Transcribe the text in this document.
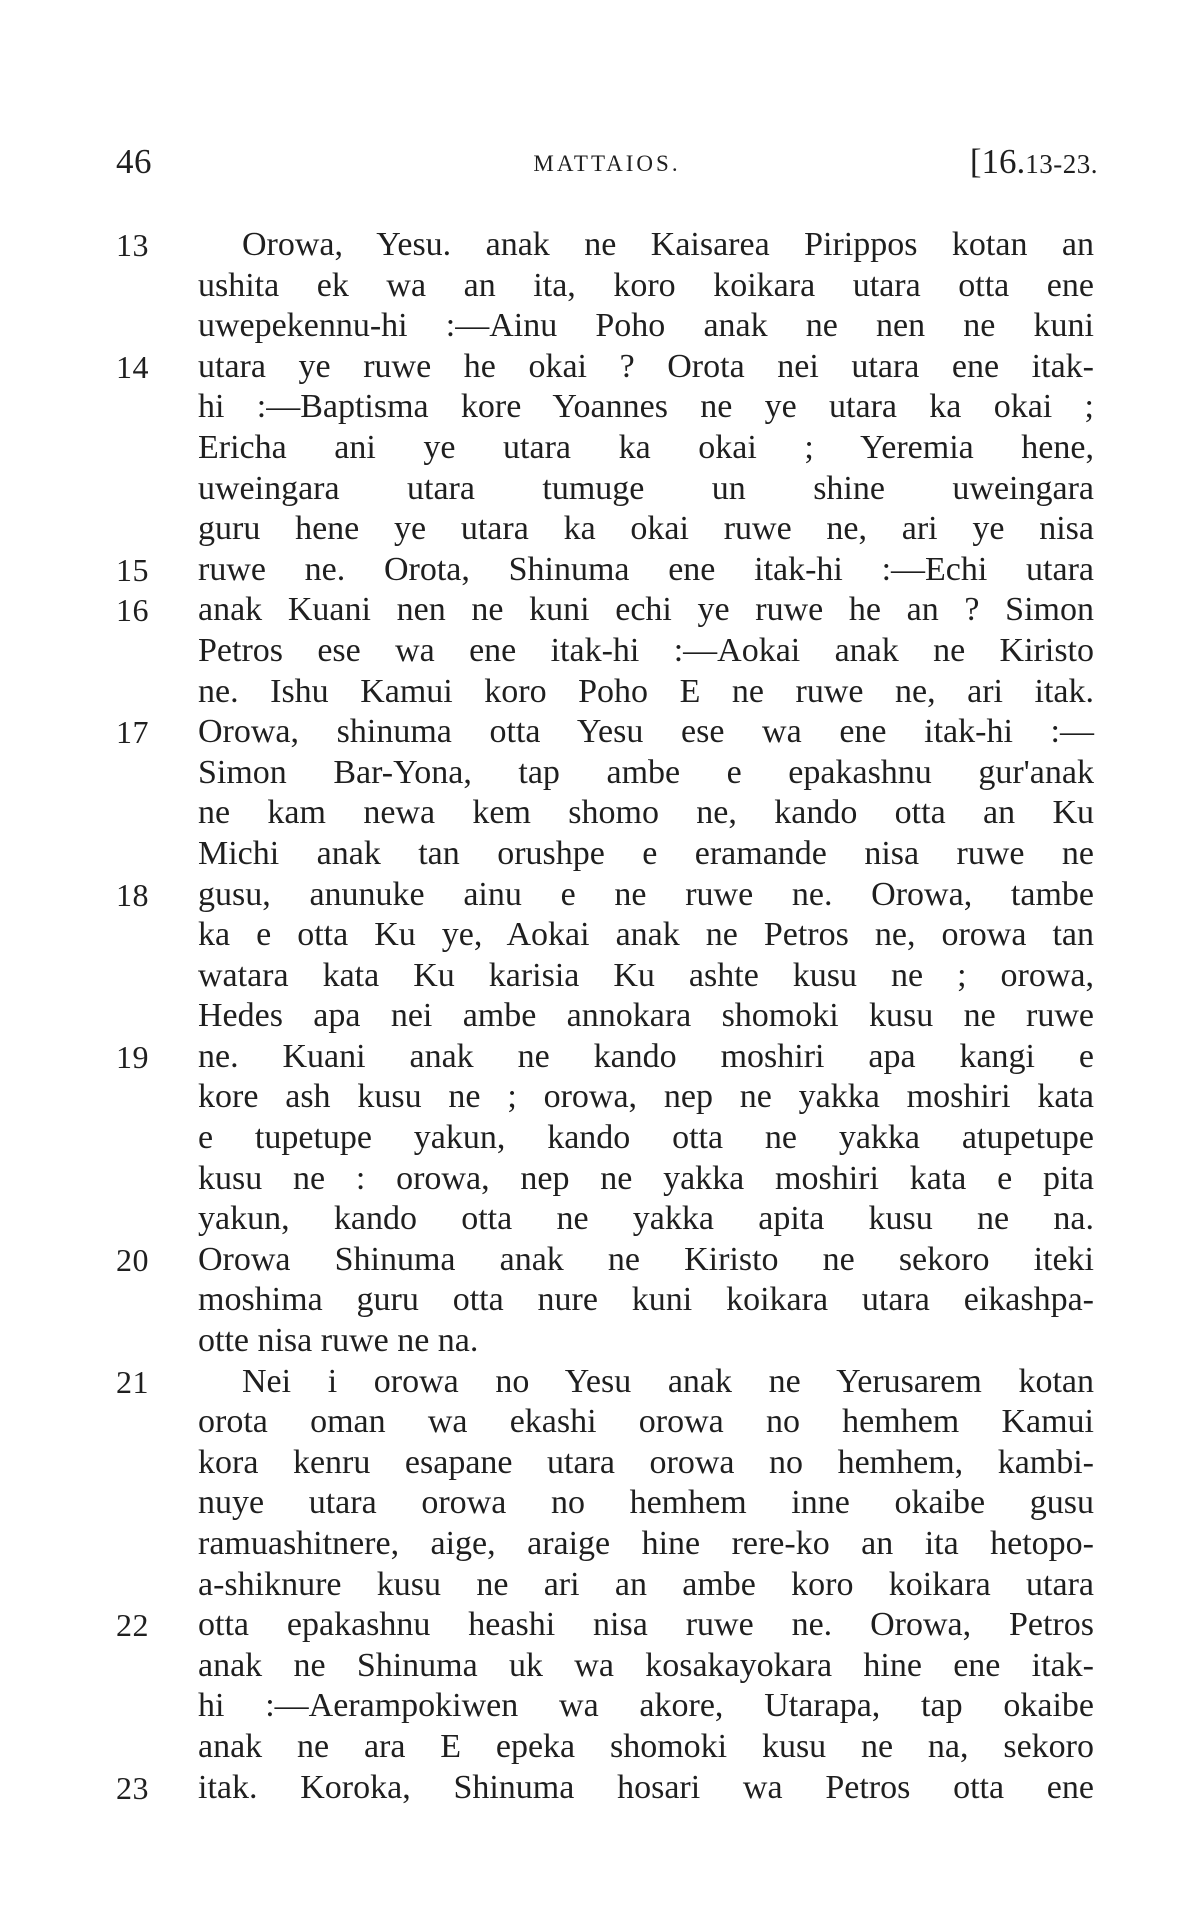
46	MATTAIOS.	[16.13-23.
13	Orowa, Yesu. anak ne Kaisarea Pirippos kotan an
ushita ek wa an ita, koro koikara utara otta ene
uwepekennu-hi :—Ainu Poho anak ne nen ne kuni
14 utara ye ruwe he okai ? Orota nei utara ene itak-
hi :—Baptisma kore Yoannes ne ye utara ka okai ;
Ericha ani ye utara ka okai ; Yeremia hene,
uweingara utara tumuge un shine uweingara
guru hene ye utara ka okai ruwe ne, ari ye nisa
15 ruwe ne. Orota, Shinuma ene itak-hi :—Echi utara
16 anak Kuani nen ne kuni echi ye ruwe he an ? Simon
Petros ese wa ene itak-hi :—Aokai anak ne Kiristo
ne. Ishu Kamui koro Poho E ne ruwe ne, ari itak.
17 Orowa, shinuma otta Yesu ese wa ene itak-hi :—
Simon Bar-Yona, tap ambe e epakashnu gur'anak
ne kam newa kem shomo ne, kando otta an Ku
Michi anak tan orushpe e eramande nisa ruwe ne
18 gusu, anunuke ainu e ne ruwe ne. Orowa, tambe
ka e otta Ku ye, Aokai anak ne Petros ne, orowa tan
watara kata Ku karisia Ku ashte kusu ne ; orowa,
Hedes apa nei ambe annokara shomoki kusu ne ruwe
19 ne. Kuani anak ne kando moshiri apa kangi e
kore ash kusu ne ; orowa, nep ne yakka moshiri kata
e tupetupe yakun, kando otta ne yakka atupetupe
kusu ne : orowa, nep ne yakka moshiri kata e pita
yakun, kando otta ne yakka apita kusu ne na.
20 Orowa Shinuma anak ne Kiristo ne sekoro iteki
moshima guru otta nure kuni koikara utara eikashpa-
otte nisa ruwe ne na.
21	Nei i orowa no Yesu anak ne Yerusarem kotan
orota oman wa ekashi orowa no hemhem Kamui
kora kenru esapane utara orowa no hemhem, kambi-
nuye utara orowa no hemhem inne okaibe gusu
ramuashitnere, aige, araige hine rere-ko an ita hetopo-
a-shiknure kusu ne ari an ambe koro koikara utara
22 otta epakashnu heashi nisa ruwe ne. Orowa, Petros
anak ne Shinuma uk wa kosakayokara hine ene itak-
hi :—Aerampokiwen wa akore, Utarapa, tap okaibe
anak ne ara E epeka shomoki kusu ne na, sekoro
23 itak. Koroka, Shinuma hosari wa Petros otta ene
